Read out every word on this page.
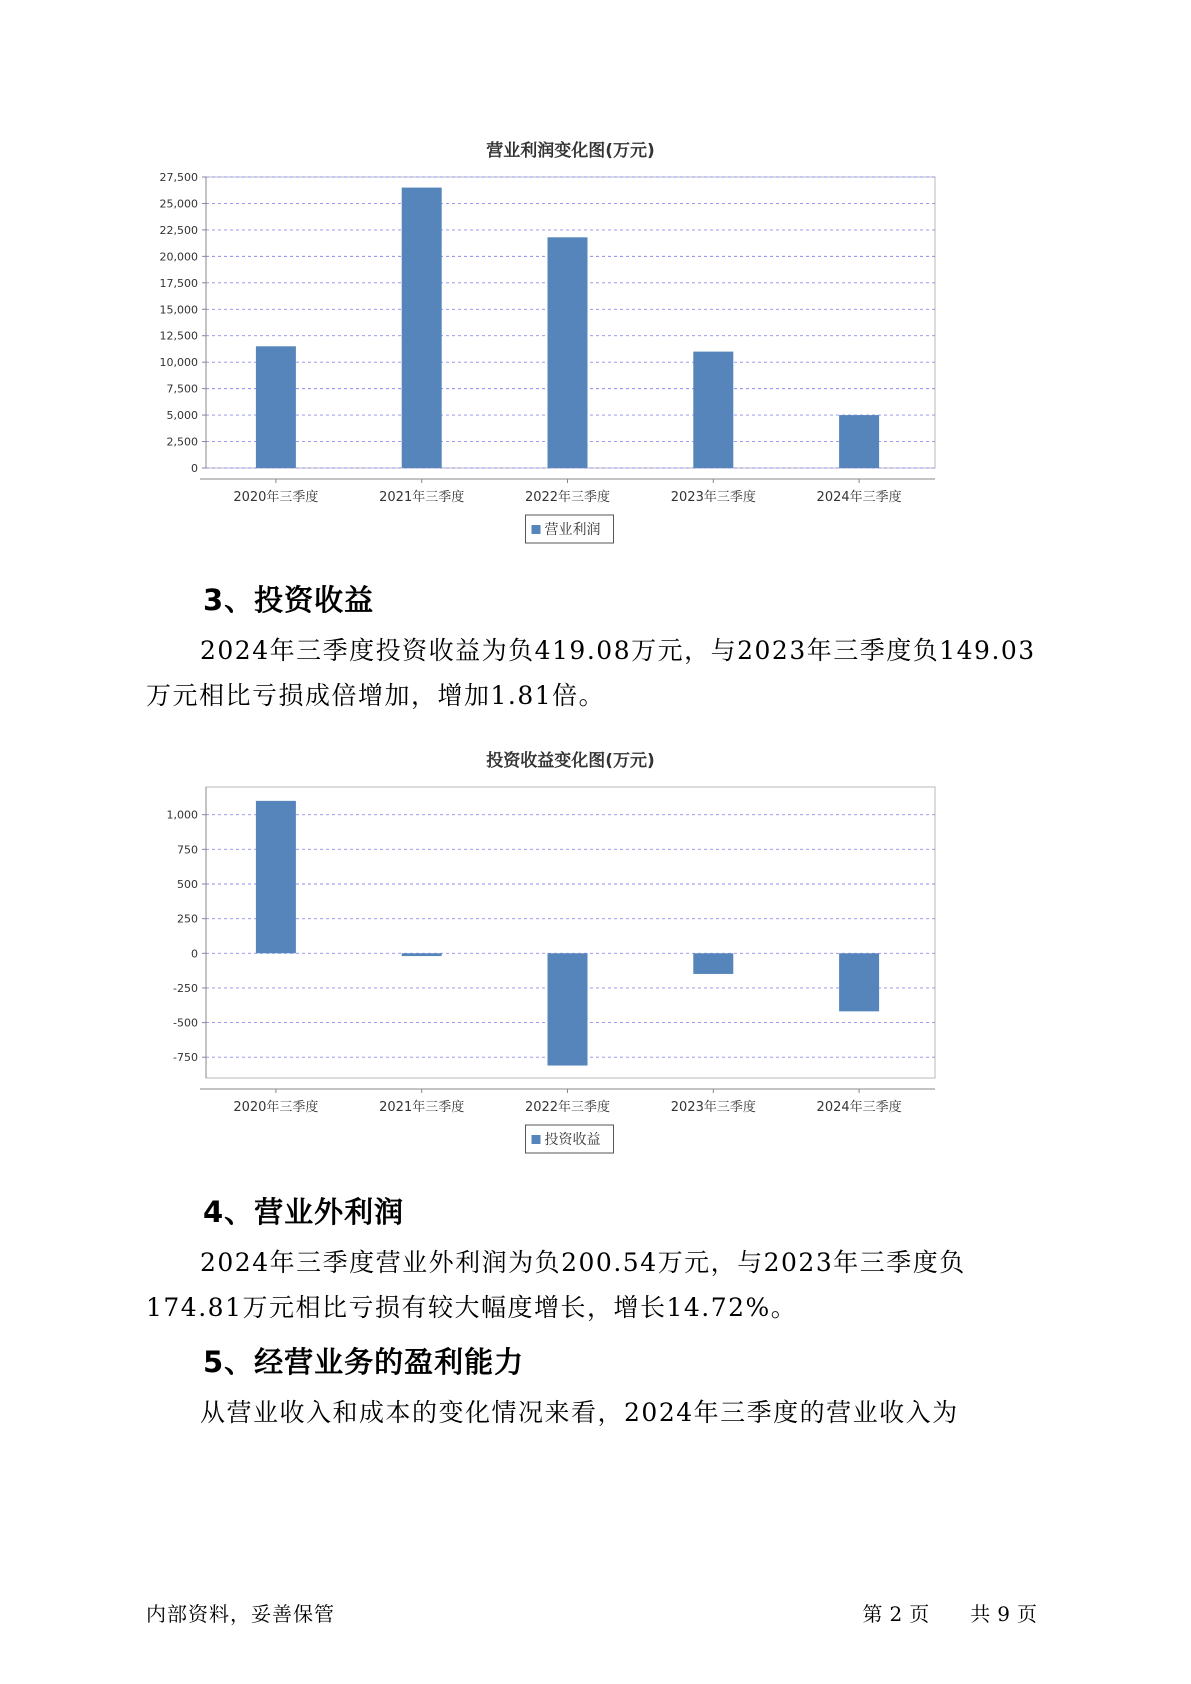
营业利润变化图(万元)
0
2,500
5,000
7,500
10,000
12,500
15,000
17,500
20,000
22,500
25,000
27,500
2020年三季度	2021年三季度	2022年三季度	2023年三季度	2024年三季度
营业利润
3、投资收益

2024年三季度投资收益为负419.08万元，与2023年三季度负149.03万元相比亏损成倍增加，增加1.81倍。

投资收益变化图(万元)
-750
-500
-250
0
250
500
750
1,000
2020年三季度	2021年三季度	2022年三季度	2023年三季度	2024年三季度
投资收益
4、营业外利润

2024年三季度营业外利润为负200.54万元，与2023年三季度负174.81万元相比亏损有较大幅度增长，增长14.72%。

5、经营业务的盈利能力

从营业收入和成本的变化情况来看，2024年三季度的营业收入为

内部资料，妥善保管	第 2 页 共 9 页
